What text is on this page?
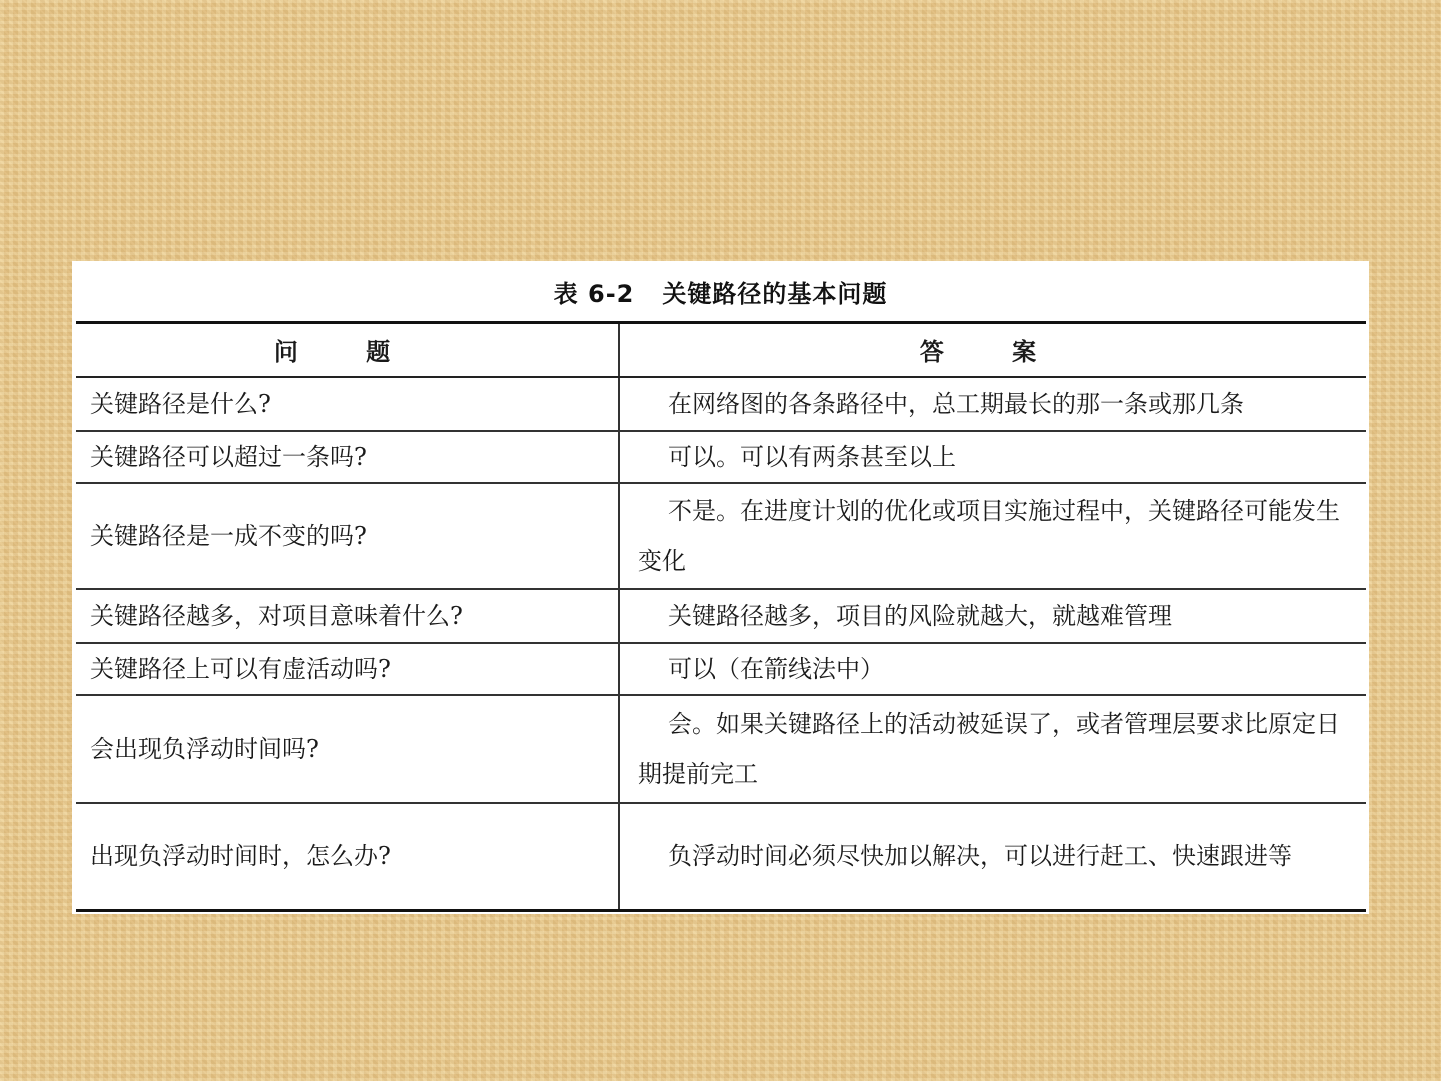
表 6-2 关键路径的基本问题
问 题	答 案
关键路径是什么?	在网络图的各条路径中，总工期最长的那一条或那几条

关键路径可以超过一条吗?	可以。可以有两条甚至以上

关键路径是一成不变的吗?	不是。在进度计划的优化或项目实施过程中，关键路径可能发生变化

关键路径越多，对项目意味着什么?	关键路径越多，项目的风险就越大，就越难管理

关键路径上可以有虚活动吗?	可以（在箭线法中）

会出现负浮动时间吗?	会。如果关键路径上的活动被延误了，或者管理层要求比原定日期提前完工

出现负浮动时间时，怎么办?	负浮动时间必须尽快加以解决，可以进行赶工、快速跟进等
